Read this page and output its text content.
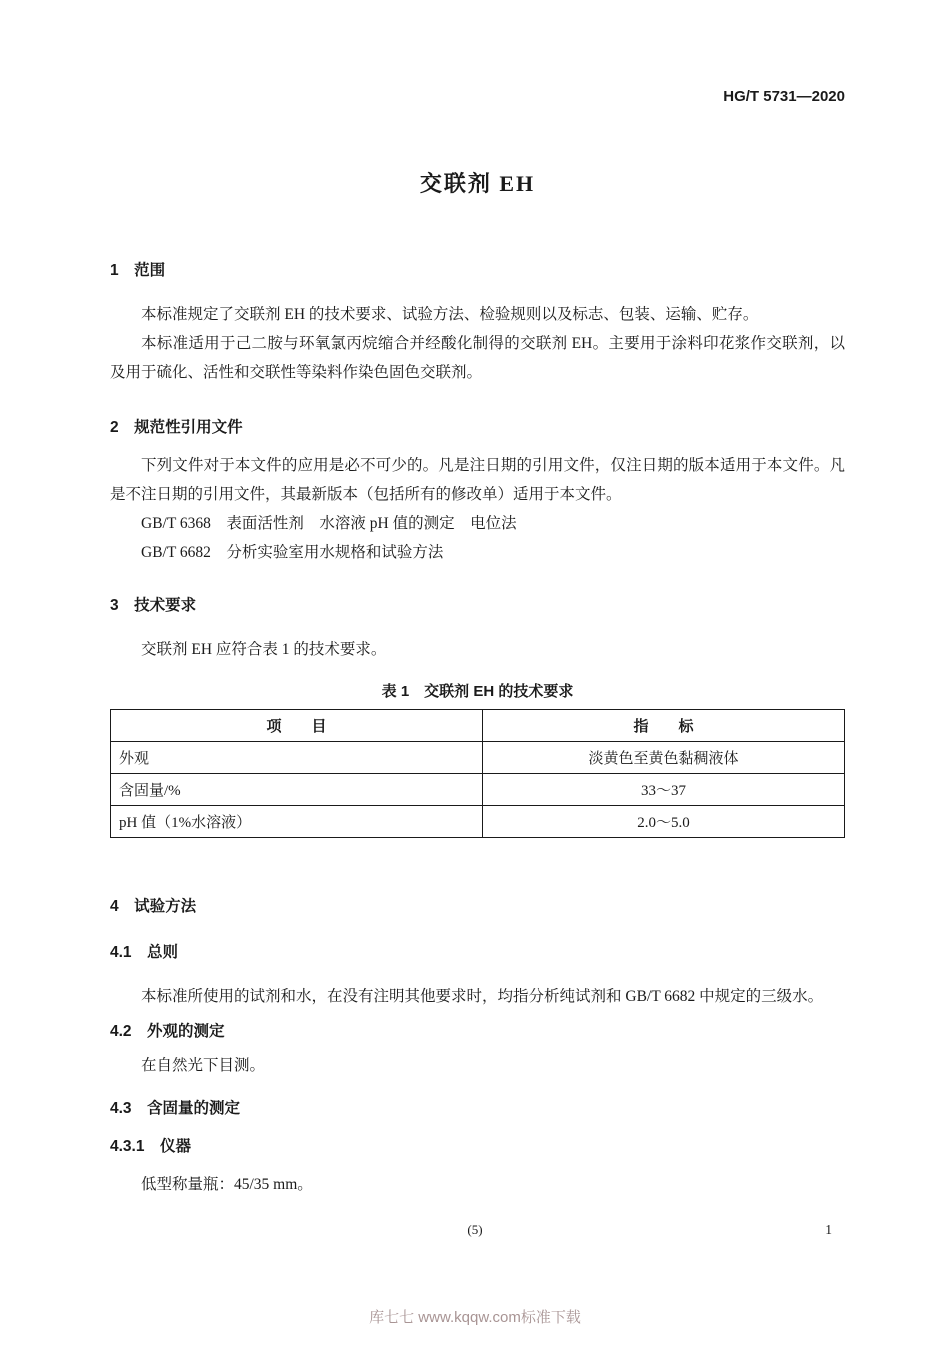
HG/T 5731—2020
交联剂 EH
1　范围

本标准规定了交联剂 EH 的技术要求、试验方法、检验规则以及标志、包装、运输、贮存。

本标准适用于己二胺与环氧氯丙烷缩合并经酸化制得的交联剂 EH。主要用于涂料印花浆作交联剂，以及用于硫化、活性和交联性等染料作染色固色交联剂。

2　规范性引用文件

下列文件对于本文件的应用是必不可少的。凡是注日期的引用文件，仅注日期的版本适用于本文件。凡是不注日期的引用文件，其最新版本（包括所有的修改单）适用于本文件。

GB/T 6368　表面活性剂　水溶液 pH 值的测定　电位法

GB/T 6682　分析实验室用水规格和试验方法

3　技术要求

交联剂 EH 应符合表 1 的技术要求。

表 1　交联剂 EH 的技术要求
项　　目	指　　标
外观	淡黄色至黄色黏稠液体
含固量/%	33～37
pH 值（1%水溶液）	2.0～5.0
4　试验方法
4.1　总则

本标准所使用的试剂和水，在没有注明其他要求时，均指分析纯试剂和 GB/T 6682 中规定的三级水。

4.2　外观的测定

在自然光下目测。

4.3　含固量的测定
4.3.1　仪器

低型称量瓶：45/35 mm。

(5)	1
库七七 www.kqqw.com标准下载
